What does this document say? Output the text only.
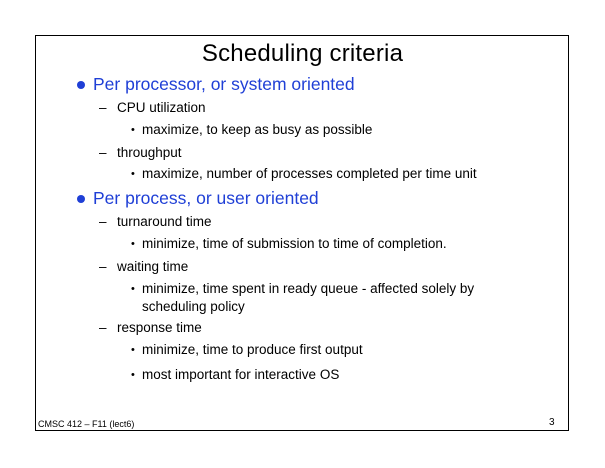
Scheduling criteria
Per processor, or system oriented
– CPU utilization
• maximize, to keep as busy as possible
– throughput
• maximize, number of processes completed per time unit
Per process, or user oriented
– turnaround time
• minimize, time of submission to time of completion.
– waiting time
• minimize, time spent in ready queue - affected solely by
scheduling policy
– response time
• minimize, time to produce first output
• most important for interactive OS
CMSC 412 – F11 (lect6)	3
